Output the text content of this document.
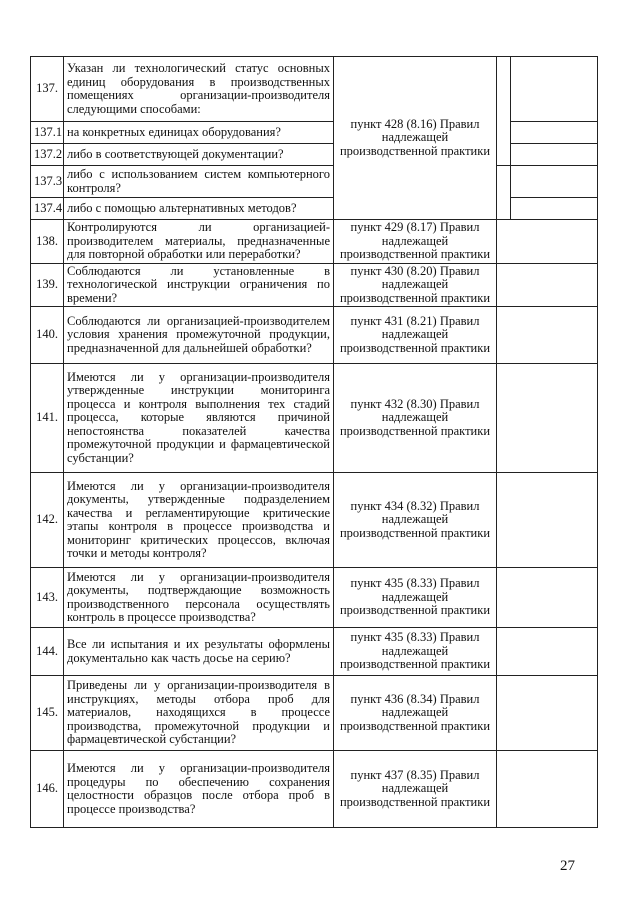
137.	Указан ли технологический статус основных единиц оборудования в производственных помещениях организации-производителя следующими способами:	пункт 428 (8.16) Правил надлежащей производственной практики		
137.1	на конкретных единицах оборудования?			
137.2	либо в соответствующей документации?			
137.3	либо с использованием систем компьютерного контроля?			
137.4	либо с помощью альтернативных методов?			
138.	Контролируются ли организацией-производителем материалы, предназначенные для повторной обработки или переработки?	пункт 429 (8.17) Правил надлежащей производственной практики		
139.	Соблюдаются ли установленные в технологической инструкции ограничения по времени?	пункт 430 (8.20) Правил надлежащей производственной практики		
140.	Соблюдаются ли организацией-производителем условия хранения промежуточной продукции, предназначенной для дальнейшей обработки?	пункт 431 (8.21) Правил надлежащей производственной практики		
141.	Имеются ли у организации-производителя утвержденные инструкции мониторинга процесса и контроля выполнения тех стадий процесса, которые являются причиной непостоянства показателей качества промежуточной продукции и фармацевтической субстанции?	пункт 432 (8.30) Правил надлежащей производственной практики		
142.	Имеются ли у организации-производителя документы, утвержденные подразделением качества и регламентирующие критические этапы контроля в процессе производства и мониторинг критических процессов, включая точки и методы контроля?	пункт 434 (8.32) Правил надлежащей производственной практики		
143.	Имеются ли у организации-производителя документы, подтверждающие возможность производственного персонала осуществлять контроль в процессе производства?	пункт 435 (8.33) Правил надлежащей производственной практики		
144.	Все ли испытания и их результаты оформлены документально как часть досье на серию?	пункт 435 (8.33) Правил надлежащей производственной практики		
145.	Приведены ли у организации-производителя в инструкциях, методы отбора проб для материалов, находящихся в процессе производства, промежуточной продукции и фармацевтической субстанции?	пункт 436 (8.34) Правил надлежащей производственной практики		
146.	Имеются ли у организации-производителя процедуры по обеспечению сохранения целостности образцов после отбора проб в процессе производства?	пункт 437 (8.35) Правил надлежащей производственной практики		
27
